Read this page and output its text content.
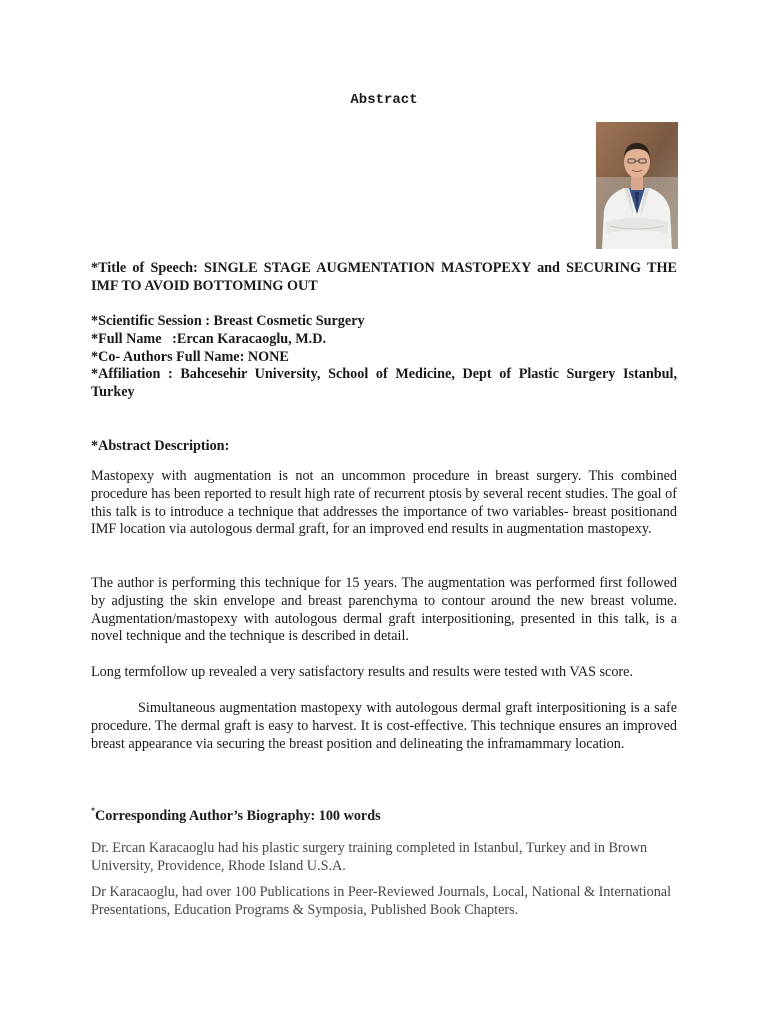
Abstract

*Title of Speech: SINGLE STAGE AUGMENTATION MASTOPEXY and SECURING THE IMF TO AVOID BOTTOMING OUT

*Scientific Session : Breast Cosmetic Surgery

*Full Name   :Ercan Karacaoglu, M.D.

*Co- Authors Full Name: NONE

*Affiliation : Bahcesehir University, School of Medicine, Dept of Plastic Surgery Istanbul, Turkey

*Abstract Description:

Mastopexy with augmentation is not an uncommon procedure in breast surgery. This combined procedure has been reported to result high rate of recurrent ptosis by several recent studies. The goal of this talk is to introduce a technique that addresses the importance of two variables- breast positionand IMF location via autologous dermal graft, for an improved end results in augmentation mastopexy.

The author is performing this technique for 15 years. The augmentation was performed first followed by adjusting the skin envelope and breast parenchyma to contour around the new breast volume. Augmentation/mastopexy with autologous dermal graft interpositioning, presented in this talk, is a novel technique and the technique is described in detail.

Long termfollow up revealed a very satisfactory results and results were tested wıth VAS score.

Simultaneous augmentation mastopexy with autologous dermal graft interpositioning is a safe procedure. The dermal graft is easy to harvest. It is cost-effective. This technique ensures an improved breast appearance via securing the breast position and delineating the inframammary location.

*Corresponding Author’s Biography: 100 words

Dr. Ercan Karacaoglu had his plastic surgery training completed in Istanbul, Turkey and in Brown University, Providence, Rhode Island U.S.A.

Dr Karacaoglu, had over 100 Publications in Peer-Reviewed Journals, Local, National & International Presentations, Education Programs & Symposia, Published Book Chapters.
